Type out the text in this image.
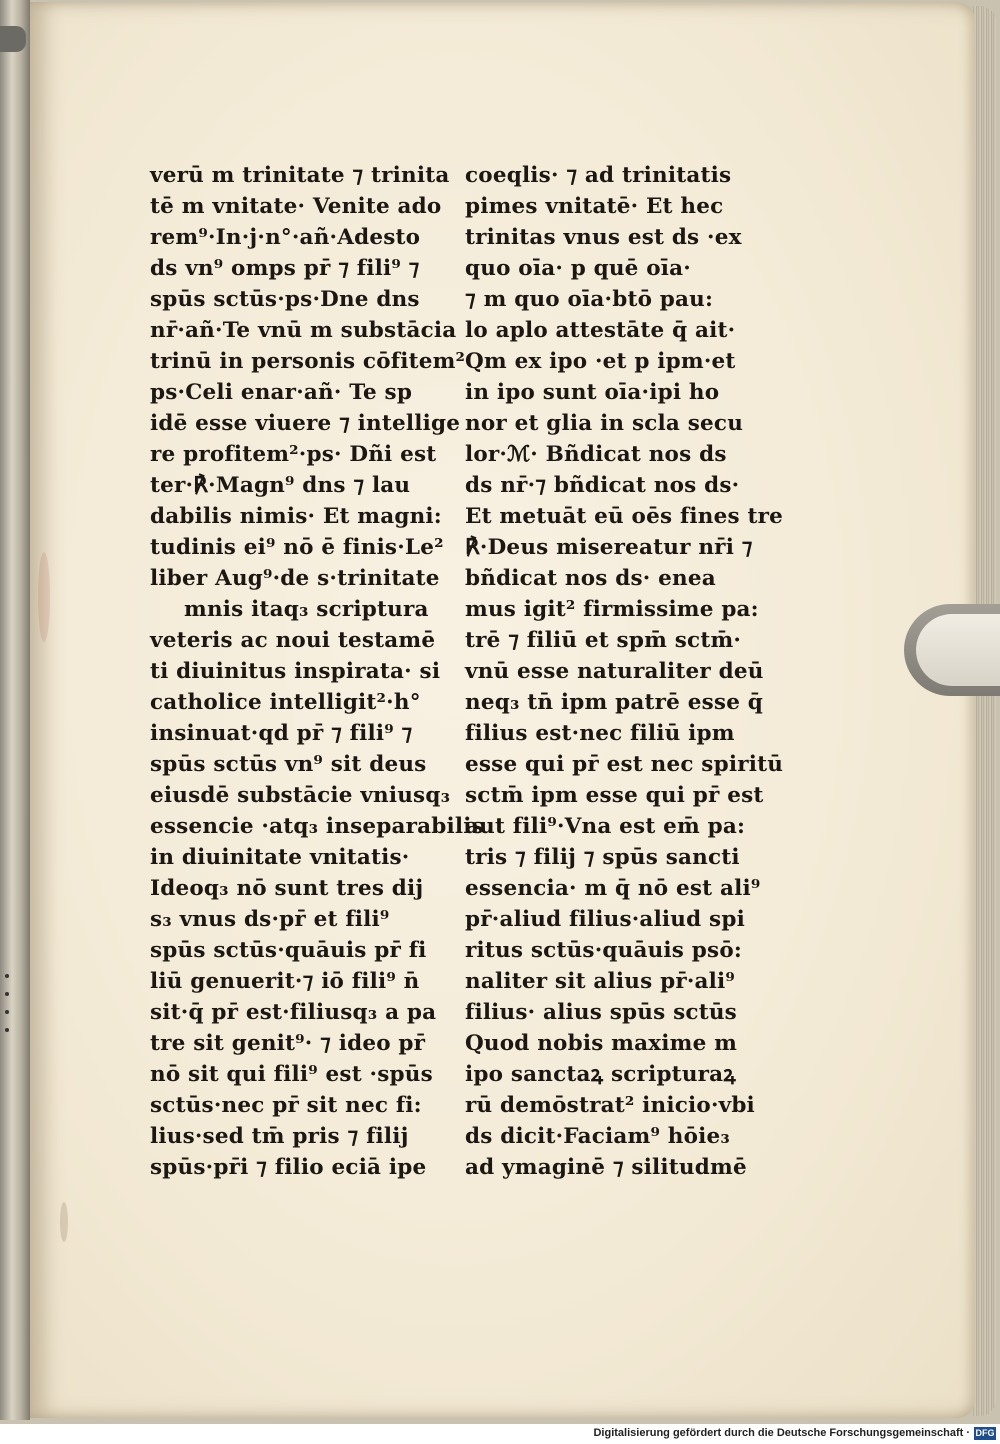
verū m trinitate ⁊ trinita
tē m vnitate· Venite ado
rem⁹·In·j·n°·añ·Adesto
ds vn⁹ omps pr̄ ⁊ fili⁹ ⁊
spūs sctūs·ps·Dne dns
nr̄·añ·Te vnū m substācia
trinū in personis cōfitem²
ps·Celi enar·añ· Te sp
idē esse viuere ⁊ intellige
re profitem²·ps· Dñi est
ter·℟·Magn⁹ dns ⁊ lau
dabilis nimis· Et magni:
tudinis ei⁹ nō ē finis·Le²
liber Aug⁹·de s·trinitate
mnis itaq₃ scriptura
veteris ac noui testamē
ti diuinitus inspirata· si
catholice intelligit²·h°
insinuat·qd pr̄ ⁊ fili⁹ ⁊
spūs sctūs vn⁹ sit deus
eiusdē substācie vniusq₃
essencie ·atq₃ inseparabilis
in diuinitate vnitatis·
Ideoq₃ nō sunt tres dij
s₃ vnus ds·pr̄ et fili⁹
spūs sctūs·quāuis pr̄ fi
liū genuerit·⁊ iō fili⁹ n̄
sit·q̄ pr̄ est·filiusq₃ a pa
tre sit genit⁹· ⁊ ideo pr̄
nō sit qui fili⁹ est ·spūs
sctūs·nec pr̄ sit nec fi:
lius·sed tm̄ pris ⁊ filij
spūs·pr̄i ⁊ filio eciā ipe
coeqlis· ⁊ ad trinitatis
pimes vnitatē· Et hec
trinitas vnus est ds ·ex
quo oīa· p quē oīa·
⁊ m quo oīa·btō pau:
lo aplo attestāte q̄ ait·
Qm ex ipo ·et p ipm·et
in ipo sunt oīa·ipi ho
nor et glia in scla secu
lor·ℳ· Bñdicat nos ds
ds nr̄·⁊ bñdicat nos ds·
Et metuāt eū oēs fines tre
℟·Deus misereatur nr̄i ⁊
bñdicat nos ds· enea
mus igit² firmissime pa:
trē ⁊ filiū et spm̄ sctm̄·
vnū esse naturaliter deū
neq₃ tn̄ ipm patrē esse q̄
filius est·nec filiū ipm
esse qui pr̄ est nec spiritū
sctm̄ ipm esse qui pr̄ est
aut fili⁹·Vna est em̄ pa:
tris ⁊ filij ⁊ spūs sancti
essencia· m q̄ nō est ali⁹
pr̄·aliud filius·aliud spi
ritus sctūs·quāuis psō:
naliter sit alius pr̄·ali⁹
filius· alius spūs sctūs
Quod nobis maxime m
ipo sanctaꝝ scripturaꝝ
rū demōstrat² inicio·vbi
ds dicit·Faciam⁹ hōie₃
ad ymaginē ⁊ silitudmē
Digitalisierung gefördert durch die Deutsche Forschungsgemeinschaft · DFG
